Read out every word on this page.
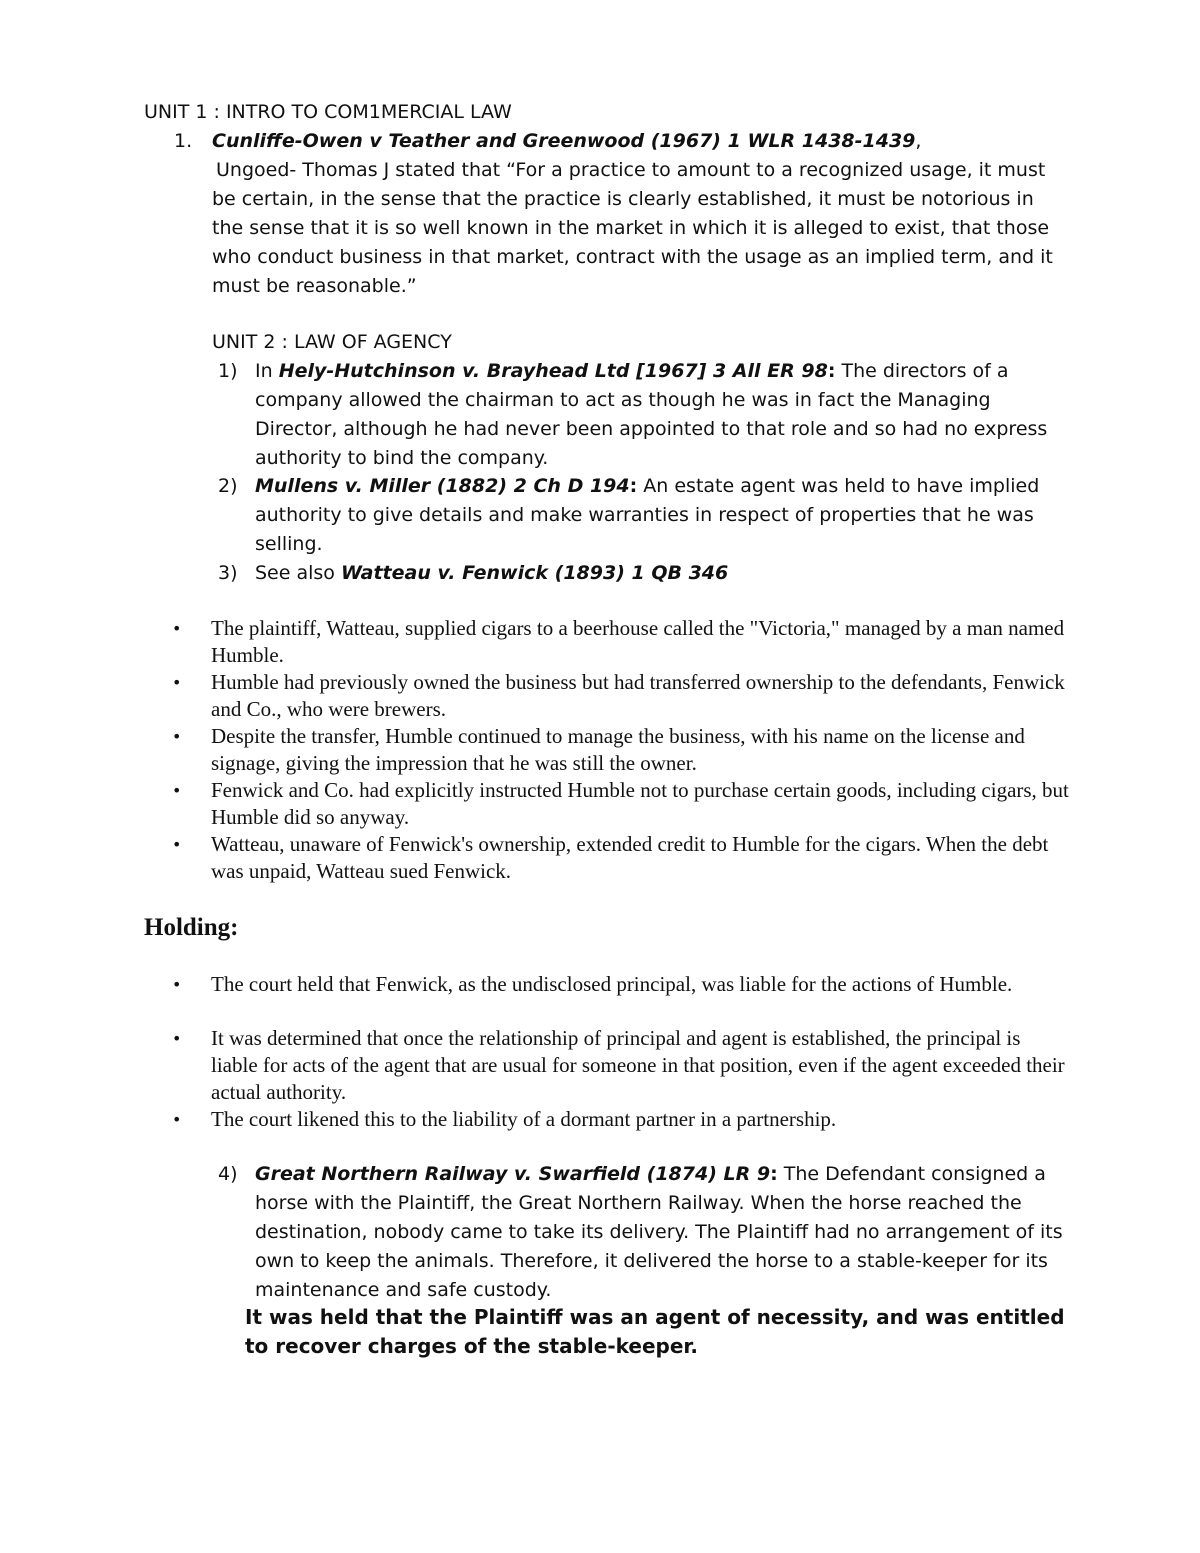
UNIT 1 : INTRO TO COM1MERCIAL LAW
1. Cunliffe-Owen v Teather and Greenwood (1967) 1 WLR 1438-1439,
Ungoed- Thomas J stated that “For a practice to amount to a recognized usage, it must be certain, in the sense that the practice is clearly established, it must be notorious in the sense that it is so well known in the market in which it is alleged to exist, that those who conduct business in that market, contract with the usage as an implied term, and it must be reasonable.”
UNIT 2 : LAW OF AGENCY
1) In Hely-Hutchinson v. Brayhead Ltd [1967] 3 All ER 98: The directors of a company allowed the chairman to act as though he was in fact the Managing Director, although he had never been appointed to that role and so had no express authority to bind the company.
2) Mullens v. Miller (1882) 2 Ch D 194: An estate agent was held to have implied authority to give details and make warranties in respect of properties that he was selling.
3) See also Watteau v. Fenwick (1893) 1 QB 346
• The plaintiff, Watteau, supplied cigars to a beerhouse called the "Victoria," managed by a man named Humble.
• Humble had previously owned the business but had transferred ownership to the defendants, Fenwick and Co., who were brewers.
• Despite the transfer, Humble continued to manage the business, with his name on the license and signage, giving the impression that he was still the owner.
• Fenwick and Co. had explicitly instructed Humble not to purchase certain goods, including cigars, but Humble did so anyway.
• Watteau, unaware of Fenwick's ownership, extended credit to Humble for the cigars. When the debt was unpaid, Watteau sued Fenwick.
Holding:
• The court held that Fenwick, as the undisclosed principal, was liable for the actions of Humble.
• It was determined that once the relationship of principal and agent is established, the principal is liable for acts of the agent that are usual for someone in that position, even if the agent exceeded their actual authority.
• The court likened this to the liability of a dormant partner in a partnership.
4) Great Northern Railway v. Swarfield (1874) LR 9: The Defendant consigned a horse with the Plaintiff, the Great Northern Railway. When the horse reached the destination, nobody came to take its delivery. The Plaintiff had no arrangement of its own to keep the animals. Therefore, it delivered the horse to a stable-keeper for its maintenance and safe custody.
It was held that the Plaintiff was an agent of necessity, and was entitled to recover charges of the stable-keeper.
